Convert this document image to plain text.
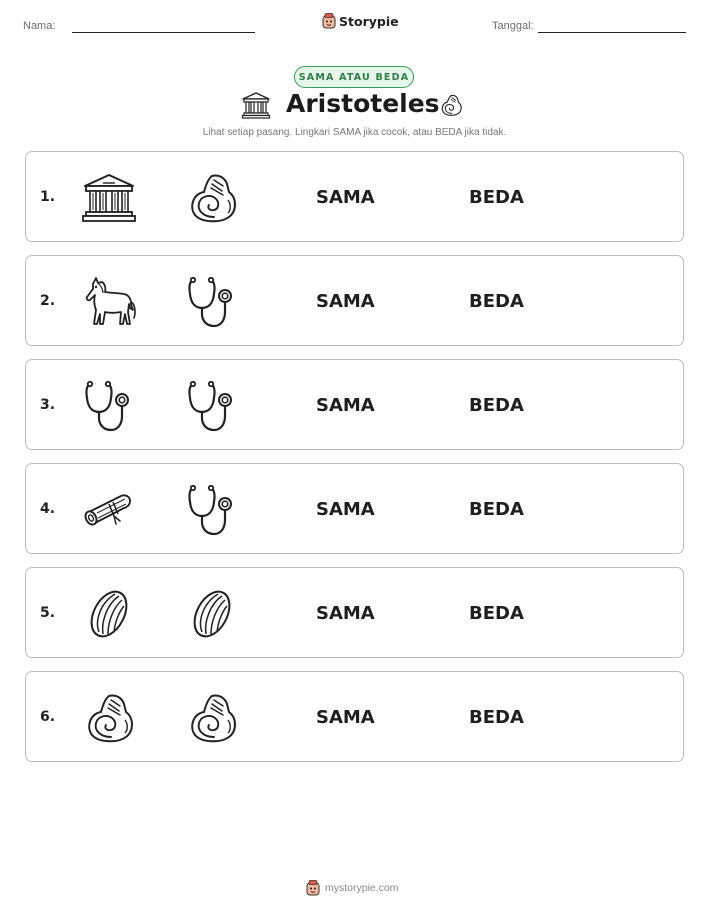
Nama:	Storypie	Tanggal:
SAMA ATAU BEDA
Aristoteles
Lihat setiap pasang. Lingkari SAMA jika cocok, atau BEDA jika tidak.
1.	SAMA	BEDA
2.	SAMA	BEDA
3.	SAMA	BEDA
4.	SAMA	BEDA
5.	SAMA	BEDA
6.	SAMA	BEDA
mystorypie.com
